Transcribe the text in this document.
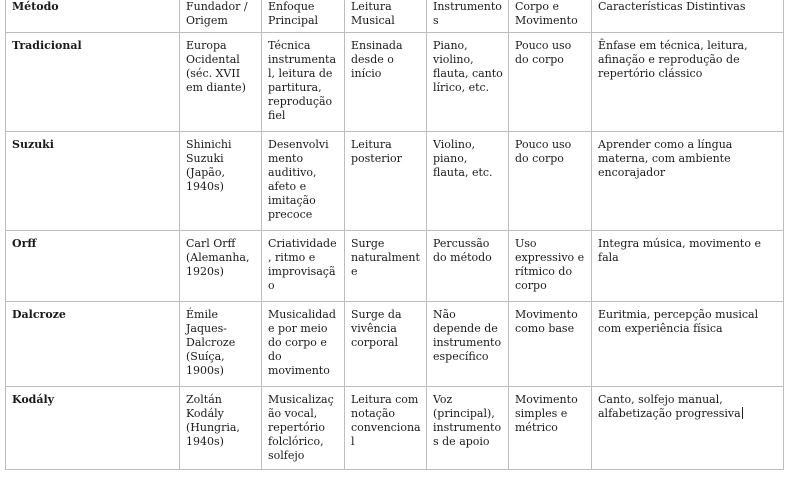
Método	Fundador / Origem	Enfoque Principal	Leitura Musical	Instrumentos	Corpo e Movimento	Características Distintivas
Tradicional	Europa Ocidental (séc. XVII em diante)	Técnica instrumental, leitura de partitura, reprodução fiel	Ensinada desde o início	Piano, violino, flauta, canto lírico, etc.	Pouco uso do corpo	Ênfase em técnica, leitura, afinação e reprodução de repertório clássico
Suzuki	Shinichi Suzuki (Japão, 1940s)	Desenvolvimento auditivo, afeto e imitação precoce	Leitura posterior	Violino, piano, flauta, etc.	Pouco uso do corpo	Aprender como a língua materna, com ambiente encorajador
Orff	Carl Orff (Alemanha, 1920s)	Criatividade, ritmo e improvisação	Surge naturalmente	Percussão do método	Uso expressivo e rítmico do corpo	Integra música, movimento e fala
Dalcroze	Émile Jaques-Dalcroze (Suíça, 1900s)	Musicalidade por meio do corpo e do movimento	Surge da vivência corporal	Não depende de instrumento específico	Movimento como base	Euritmia, percepção musical com experiência física
Kodály	Zoltán Kodály (Hungria, 1940s)	Musicalização vocal, repertório folclórico, solfejo	Leitura com notação convencional	Voz (principal), instrumentos de apoio	Movimento simples e métrico	Canto, solfejo manual, alfabetização progressiva
